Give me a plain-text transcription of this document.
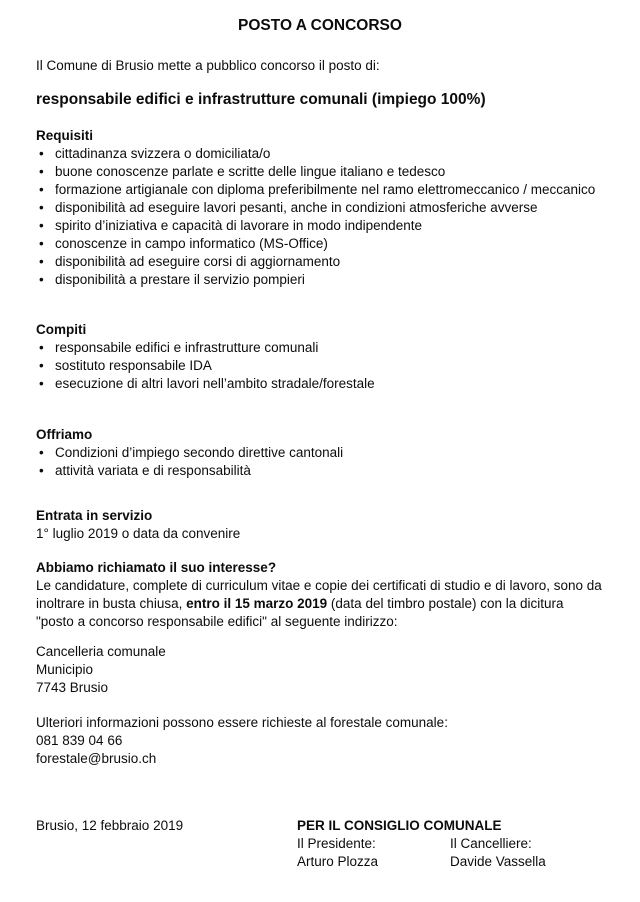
POSTO A CONCORSO

Il Comune di Brusio mette a pubblico concorso il posto di:

responsabile edifici e infrastrutture comunali (impiego 100%)
Requisiti
• cittadinanza svizzera o domiciliata/o
• buone conoscenze parlate e scritte delle lingue italiano e tedesco
• formazione artigianale con diploma preferibilmente nel ramo elettromeccanico / meccanico
• disponibilità ad eseguire lavori pesanti, anche in condizioni atmosferiche avverse
• spirito d’iniziativa e capacità di lavorare in modo indipendente
• conoscenze in campo informatico (MS-Office)
• disponibilità ad eseguire corsi di aggiornamento
• disponibilità a prestare il servizio pompieri
Compiti
• responsabile edifici e infrastrutture comunali
• sostituto responsabile IDA
• esecuzione di altri lavori nell’ambito stradale/forestale
Offriamo
• Condizioni d’impiego secondo direttive cantonali
• attività variata e di responsabilità
Entrata in servizio

1° luglio 2019 o data da convenire

Abbiamo richiamato il suo interesse?

Le candidature, complete di curriculum vitae e copie dei certificati di studio e di lavoro, sono da inoltrare in busta chiusa, entro il 15 marzo 2019 (data del timbro postale) con la dicitura "posto a concorso responsabile edifici" al seguente indirizzo:

Cancelleria comunale
Municipio
7743 Brusio
Ulteriori informazioni possono essere richieste al forestale comunale:
081 839 04 66
forestale@brusio.ch
Brusio, 12 febbraio 2019	PER IL CONSIGLIO COMUNALE
Il Presidente:	Il Cancelliere:
Arturo Plozza	Davide Vassella
